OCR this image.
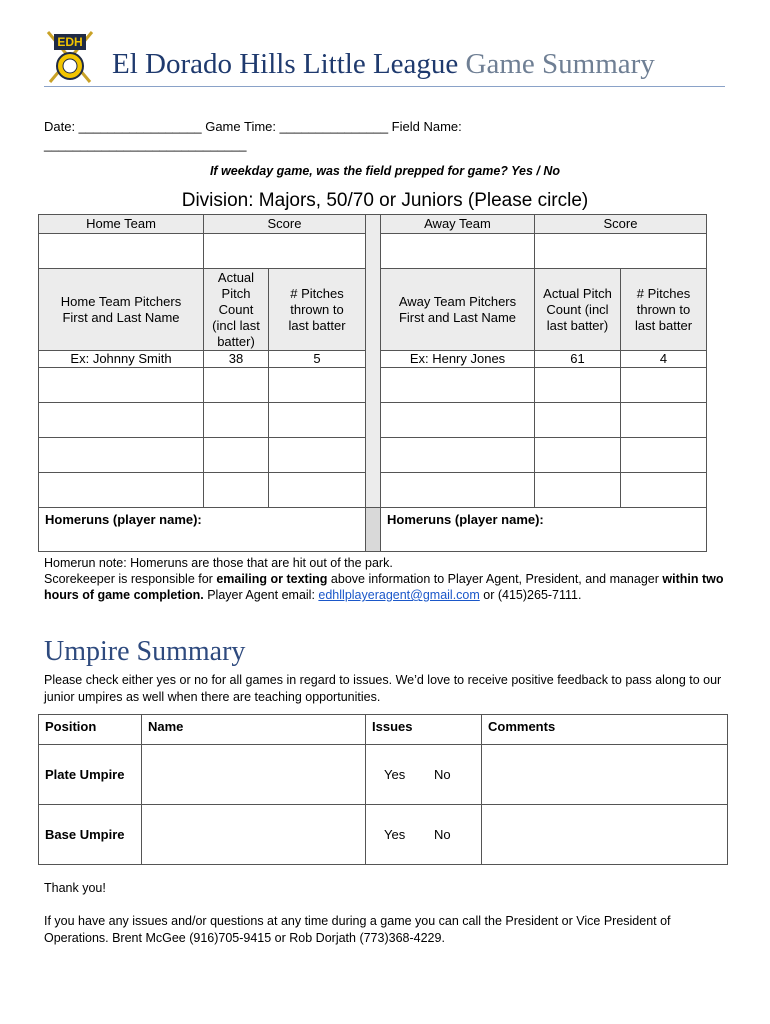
EDH
El Dorado Hills Little League Game Summary
Date: _________________ Game Time: _______________ Field Name:
____________________________
If weekday game, was the field prepped for game? Yes / No
Division: Majors, 50/70 or Juniors (Please circle)
Home Team	Score			Away Team	Score	

Home Team Pitchers First and Last Name	Actual Pitch Count (incl last batter)	# Pitches thrown to last batter		Away Team Pitchers First and Last Name	Actual Pitch Count (incl last batter)	# Pitches thrown to last batter
Ex: Johnny Smith	38	5		Ex: Henry Jones	61	4

Homeruns (player name):				Homeruns (player name):		
Homerun note: Homeruns are those that are hit out of the park.
Scorekeeper is responsible for emailing or texting above information to Player Agent, President, and manager within two hours of game completion. Player Agent email: edhllplayeragent@gmail.com or (415)265-7111.
Umpire Summary
Please check either yes or no for all games in regard to issues. We’d love to receive positive feedback to pass along to our junior umpires as well when there are teaching opportunities.
Position	Name	Issues	Comments
Plate Umpire		Yes No	
Base Umpire		Yes No	
Thank you!
If you have any issues and/or questions at any time during a game you can call the President or Vice President of Operations. Brent McGee (916)705-9415 or Rob Dorjath (773)368-4229.
